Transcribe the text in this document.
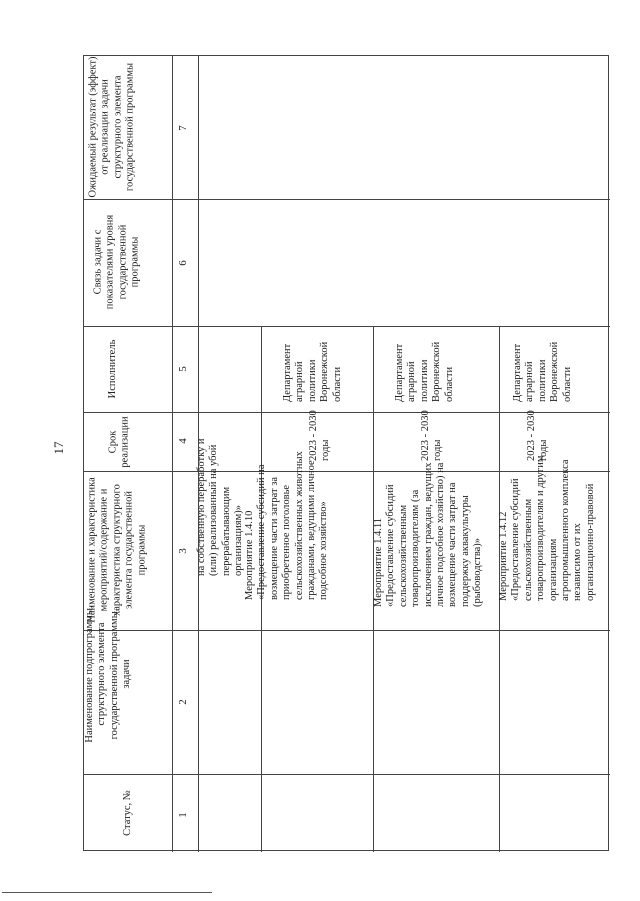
17
Статус, №
Наименование подпрограммы, структурного элемента государственной программы, задачи
Наименование и характеристика мероприятий/содержание и характеристика структурного элемента государственной программы
Срок реализации
Исполнитель
Связь задачи с показателями уровня государственной программы
Ожидаемый результат (эффект) от реализации задачи структурного элемента государственной программы
1
2
3
4
5
6
7
на собственную переработку и (или) реализованный на убой перерабатывающим организациям)» Мероприятие 1.4.10 «Предоставление субсидий на возмещение части затрат за приобретенное поголовье сельскохозяйственных животных гражданами, ведущими личное подсобное хозяйство»
2023 - 2030 годы
Департамент аграрной политики Воронежской области
Мероприятие 1.4.11 «Предоставление субсидий сельскохозяйственным товаропроизводителям (за исключением граждан, ведущих личное подсобное хозяйство) на возмещение части затрат на поддержку аквакультуры (рыбоводства)»
2023 - 2030 годы
Департамент аграрной политики Воронежской области
Мероприятие 1.4.12 «Предоставление субсидий сельскохозяйственным товаропроизводителям и другим организациям агропромышленного комплекса независимо от их организационно-правовой
2023 - 2030 годы
Департамент аграрной политики Воронежской области
